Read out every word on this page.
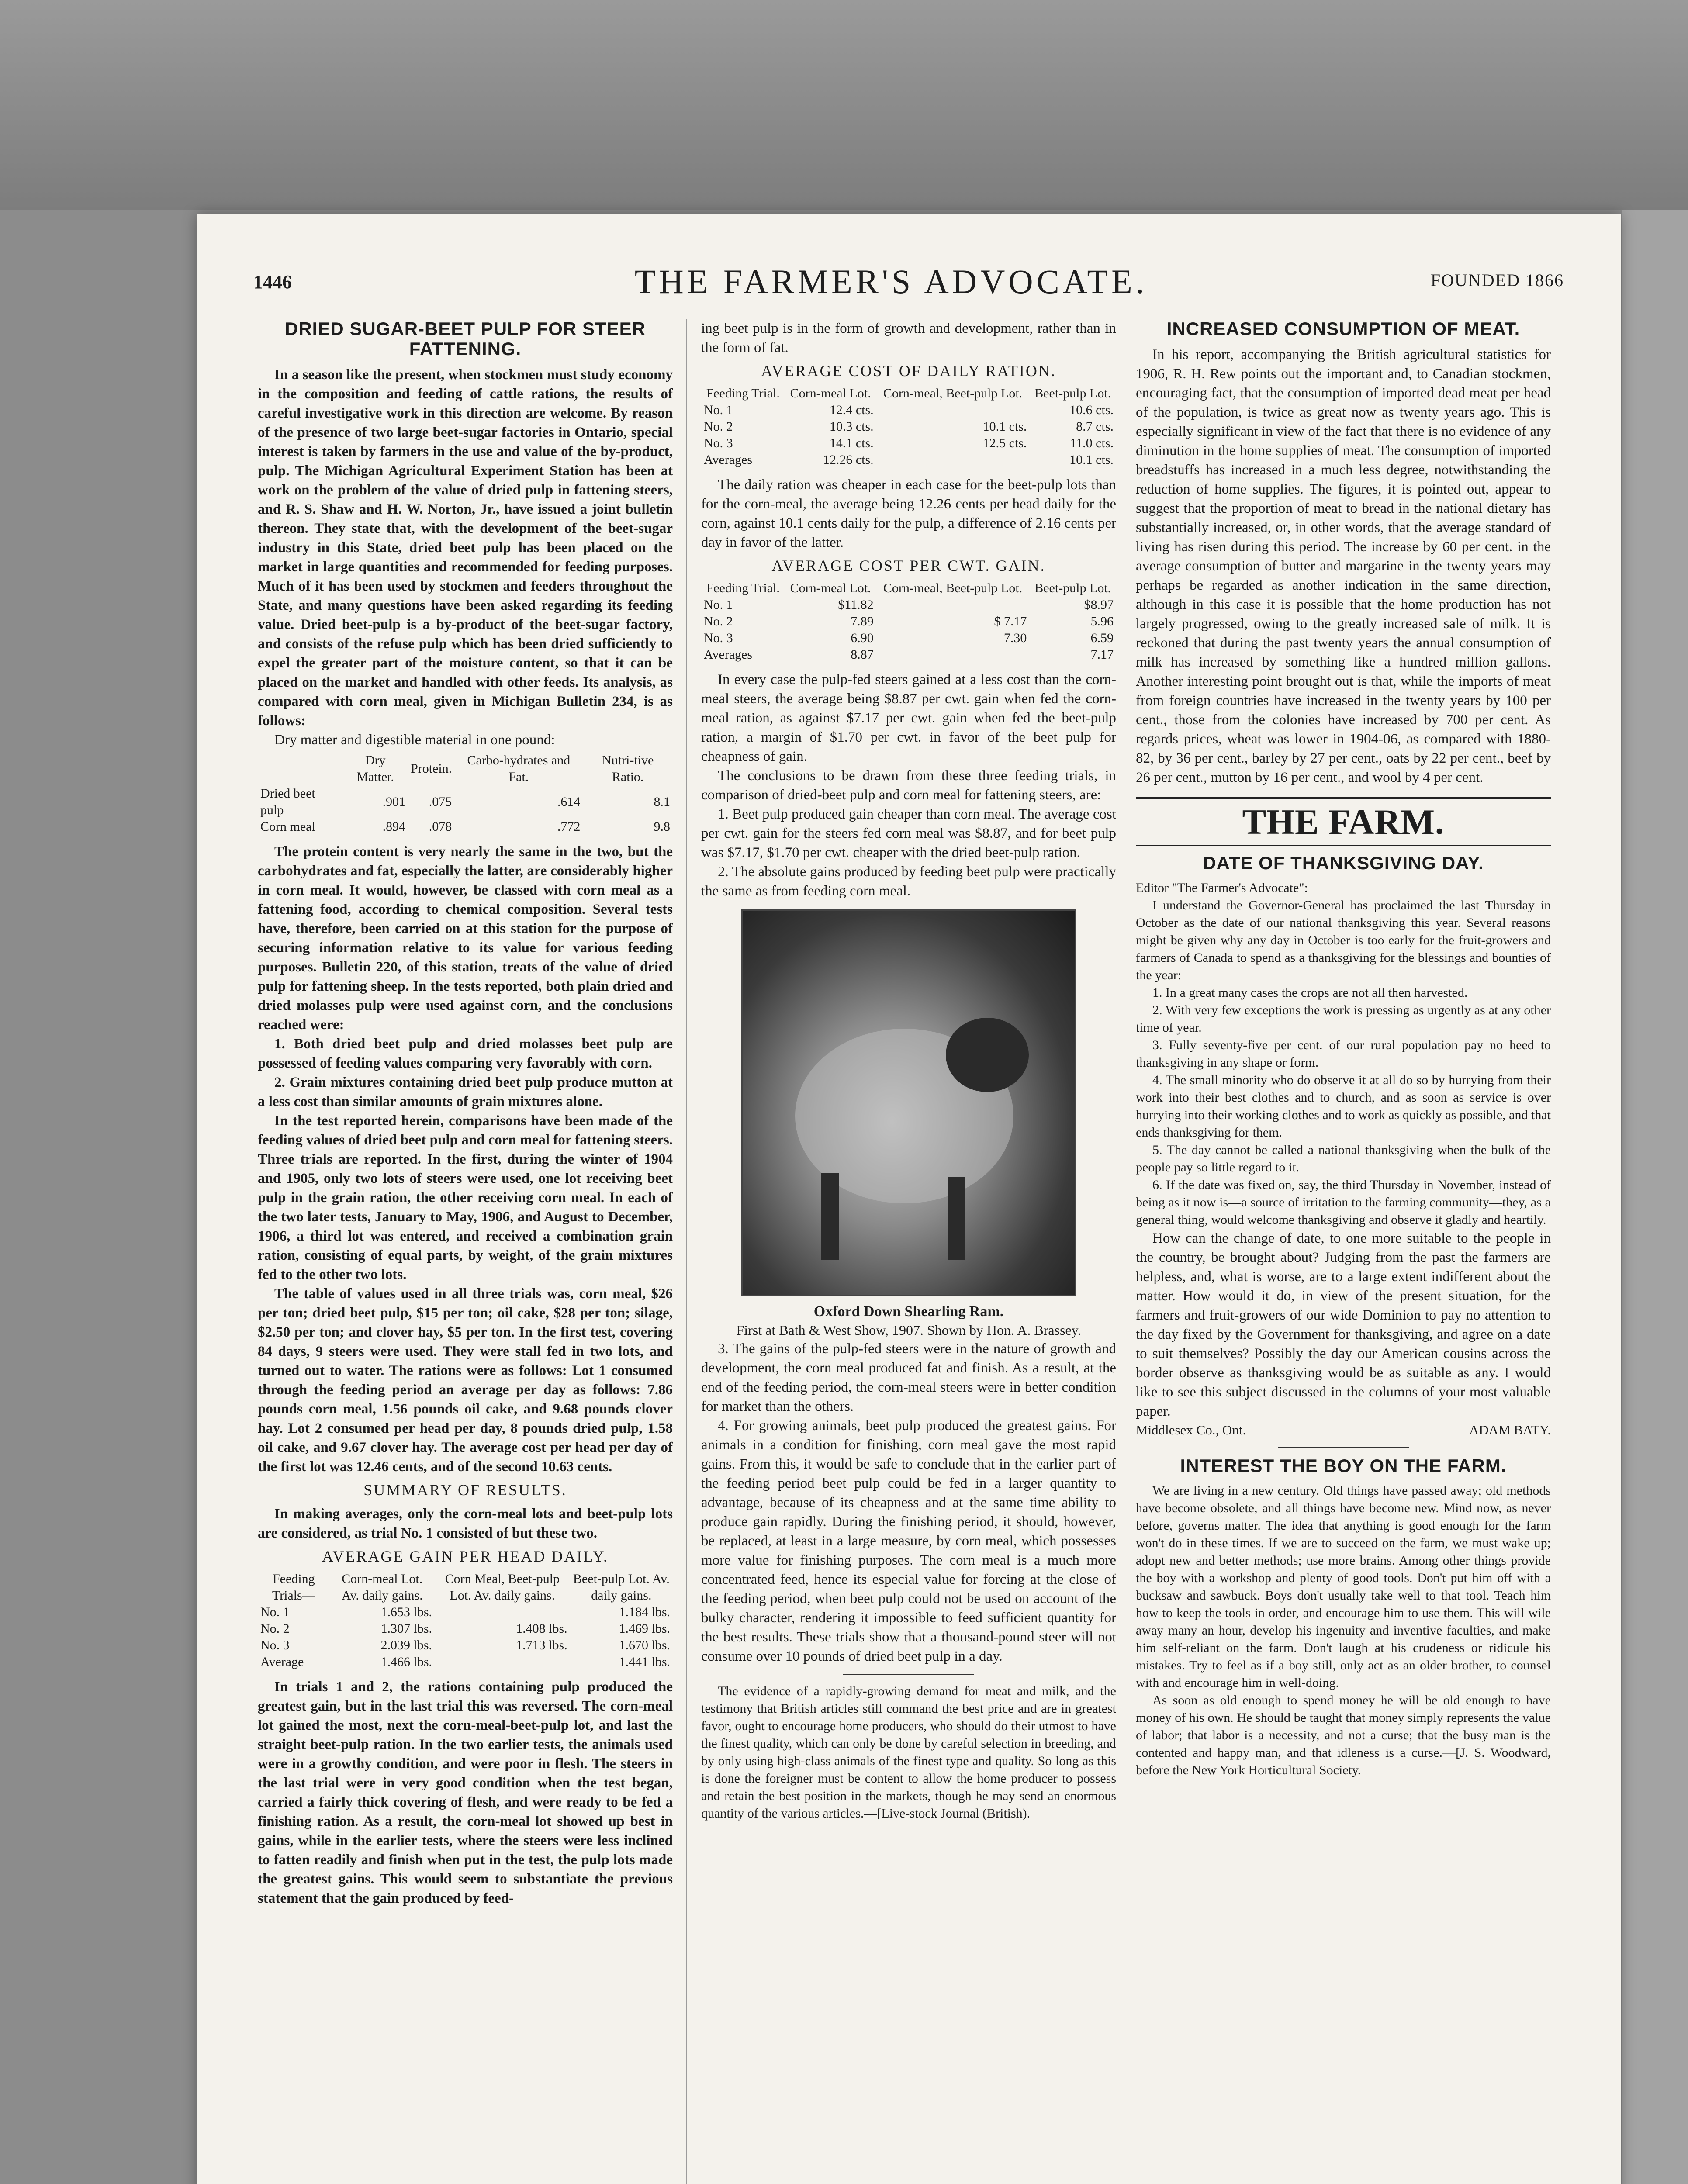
1446	THE FARMER'S ADVOCATE.	FOUNDED 1866
DRIED SUGAR-BEET PULP FOR STEER FATTENING.

In a season like the present, when stockmen must study economy in the composition and feeding of cattle rations, the results of careful investigative work in this direction are welcome. By reason of the presence of two large beet-sugar factories in Ontario, special interest is taken by farmers in the use and value of the by-product, pulp. The Michigan Agricultural Experiment Station has been at work on the problem of the value of dried pulp in fattening steers, and R. S. Shaw and H. W. Norton, Jr., have issued a joint bulletin thereon. They state that, with the development of the beet-sugar industry in this State, dried beet pulp has been placed on the market in large quantities and recommended for feeding purposes. Much of it has been used by stockmen and feeders throughout the State, and many questions have been asked regarding its feeding value. Dried beet-pulp is a by-product of the beet-sugar factory, and consists of the refuse pulp which has been dried sufficiently to expel the greater part of the moisture content, so that it can be placed on the market and handled with other feeds. Its analysis, as compared with corn meal, given in Michigan Bulletin 234, is as follows:

Dry matter and digestible material in one pound:

	Dry Matter.	Protein.	Carbo-hydrates and Fat.	Nutri-tive Ratio.
Dried beet pulp	.901	.075	.614	8.1
Corn meal	.894	.078	.772	9.8

The protein content is very nearly the same in the two, but the carbohydrates and fat, especially the latter, are considerably higher in corn meal. It would, however, be classed with corn meal as a fattening food, according to chemical composition. Several tests have, therefore, been carried on at this station for the purpose of securing information relative to its value for various feeding purposes. Bulletin 220, of this station, treats of the value of dried pulp for fattening sheep. In the tests reported, both plain dried and dried molasses pulp were used against corn, and the conclusions reached were:

1. Both dried beet pulp and dried molasses beet pulp are possessed of feeding values comparing very favorably with corn.

2. Grain mixtures containing dried beet pulp produce mutton at a less cost than similar amounts of grain mixtures alone.

In the test reported herein, comparisons have been made of the feeding values of dried beet pulp and corn meal for fattening steers. Three trials are reported. In the first, during the winter of 1904 and 1905, only two lots of steers were used, one lot receiving beet pulp in the grain ration, the other receiving corn meal. In each of the two later tests, January to May, 1906, and August to December, 1906, a third lot was entered, and received a combination grain ration, consisting of equal parts, by weight, of the grain mixtures fed to the other two lots.

The table of values used in all three trials was, corn meal, $26 per ton; dried beet pulp, $15 per ton; oil cake, $28 per ton; silage, $2.50 per ton; and clover hay, $5 per ton. In the first test, covering 84 days, 9 steers were used. They were stall fed in two lots, and turned out to water. The rations were as follows: Lot 1 consumed through the feeding period an average per day as follows: 7.86 pounds corn meal, 1.56 pounds oil cake, and 9.68 pounds clover hay. Lot 2 consumed per head per day, 8 pounds dried pulp, 1.58 oil cake, and 9.67 clover hay. The average cost per head per day of the first lot was 12.46 cents, and of the second 10.63 cents.

SUMMARY OF RESULTS.

In making averages, only the corn-meal lots and beet-pulp lots are considered, as trial No. 1 consisted of but these two.

AVERAGE GAIN PER HEAD DAILY.
Feeding Trials—	Corn-meal Lot. Av. daily gains.	Corn Meal, Beet-pulp Lot. Av. daily gains.	Beet-pulp Lot. Av. daily gains.
No. 1	1.653 lbs.		1.184 lbs.
No. 2	1.307 lbs.	1.408 lbs.	1.469 lbs.
No. 3	2.039 lbs.	1.713 lbs.	1.670 lbs.
Average	1.466 lbs.		1.441 lbs.

In trials 1 and 2, the rations containing pulp produced the greatest gain, but in the last trial this was reversed. The corn-meal lot gained the most, next the corn-meal-beet-pulp lot, and last the straight beet-pulp ration. In the two earlier tests, the animals used were in a growthy condition, and were poor in flesh. The steers in the last trial were in very good condition when the test began, carried a fairly thick covering of flesh, and were ready to be fed a finishing ration. As a result, the corn-meal lot showed up best in gains, while in the earlier tests, where the steers were less inclined to fatten readily and finish when put in the test, the pulp lots made the greatest gains. This would seem to substantiate the previous statement that the gain produced by feed-

ing beet pulp is in the form of growth and development, rather than in the form of fat.

AVERAGE COST OF DAILY RATION.
Feeding Trial.	Corn-meal Lot.	Corn-meal, Beet-pulp Lot.	Beet-pulp Lot.
No. 1	12.4 cts.		10.6 cts.
No. 2	10.3 cts.	10.1 cts.	8.7 cts.
No. 3	14.1 cts.	12.5 cts.	11.0 cts.
Averages	12.26 cts.		10.1 cts.

The daily ration was cheaper in each case for the beet-pulp lots than for the corn-meal, the average being 12.26 cents per head daily for the corn, against 10.1 cents daily for the pulp, a difference of 2.16 cents per day in favor of the latter.

AVERAGE COST PER CWT. GAIN.
Feeding Trial.	Corn-meal Lot.	Corn-meal, Beet-pulp Lot.	Beet-pulp Lot.
No. 1	$11.82		$8.97
No. 2	7.89	$ 7.17	5.96
No. 3	6.90	7.30	6.59
Averages	8.87		7.17

In every case the pulp-fed steers gained at a less cost than the corn-meal steers, the average being $8.87 per cwt. gain when fed the corn-meal ration, as against $7.17 per cwt. gain when fed the beet-pulp ration, a margin of $1.70 per cwt. in favor of the beet pulp for cheapness of gain.

The conclusions to be drawn from these three feeding trials, in comparison of dried-beet pulp and corn meal for fattening steers, are:

1. Beet pulp produced gain cheaper than corn meal. The average cost per cwt. gain for the steers fed corn meal was $8.87, and for beet pulp was $7.17, $1.70 per cwt. cheaper with the dried beet-pulp ration.

2. The absolute gains produced by feeding beet pulp were practically the same as from feeding corn meal.

Oxford Down Shearling Ram.
First at Bath & West Show, 1907. Shown by Hon. A. Brassey.

3. The gains of the pulp-fed steers were in the nature of growth and development, the corn meal produced fat and finish. As a result, at the end of the feeding period, the corn-meal steers were in better condition for market than the others.

4. For growing animals, beet pulp produced the greatest gains. For animals in a condition for finishing, corn meal gave the most rapid gains. From this, it would be safe to conclude that in the earlier part of the feeding period beet pulp could be fed in a larger quantity to advantage, because of its cheapness and at the same time ability to produce gain rapidly. During the finishing period, it should, however, be replaced, at least in a large measure, by corn meal, which possesses more value for finishing purposes. The corn meal is a much more concentrated feed, hence its especial value for forcing at the close of the feeding period, when beet pulp could not be used on account of the bulky character, rendering it impossible to feed sufficient quantity for the best results. These trials show that a thousand-pound steer will not consume over 10 pounds of dried beet pulp in a day.

The evidence of a rapidly-growing demand for meat and milk, and the testimony that British articles still command the best price and are in greatest favor, ought to encourage home producers, who should do their utmost to have the finest quality, which can only be done by careful selection in breeding, and by only using high-class animals of the finest type and quality. So long as this is done the foreigner must be content to allow the home producer to possess and retain the best position in the markets, though he may send an enormous quantity of the various articles.—[Live-stock Journal (British).

INCREASED CONSUMPTION OF MEAT.

In his report, accompanying the British agricultural statistics for 1906, R. H. Rew points out the important and, to Canadian stockmen, encouraging fact, that the consumption of imported dead meat per head of the population, is twice as great now as twenty years ago. This is especially significant in view of the fact that there is no evidence of any diminution in the home supplies of meat. The consumption of imported breadstuffs has increased in a much less degree, notwithstanding the reduction of home supplies. The figures, it is pointed out, appear to suggest that the proportion of meat to bread in the national dietary has substantially increased, or, in other words, that the average standard of living has risen during this period. The increase by 60 per cent. in the average consumption of butter and margarine in the twenty years may perhaps be regarded as another indication in the same direction, although in this case it is possible that the home production has not largely progressed, owing to the greatly increased sale of milk. It is reckoned that during the past twenty years the annual consumption of milk has increased by something like a hundred million gallons. Another interesting point brought out is that, while the imports of meat from foreign countries have increased in the twenty years by 100 per cent., those from the colonies have increased by 700 per cent. As regards prices, wheat was lower in 1904-06, as compared with 1880-82, by 36 per cent., barley by 27 per cent., oats by 22 per cent., beef by 26 per cent., mutton by 16 per cent., and wool by 4 per cent.

THE FARM.
DATE OF THANKSGIVING DAY.

Editor "The Farmer's Advocate":

I understand the Governor-General has proclaimed the last Thursday in October as the date of our national thanksgiving this year. Several reasons might be given why any day in October is too early for the fruit-growers and farmers of Canada to spend as a thanksgiving for the blessings and bounties of the year:

1. In a great many cases the crops are not all then harvested.

2. With very few exceptions the work is pressing as urgently as at any other time of year.

3. Fully seventy-five per cent. of our rural population pay no heed to thanksgiving in any shape or form.

4. The small minority who do observe it at all do so by hurrying from their work into their best clothes and to church, and as soon as service is over hurrying into their working clothes and to work as quickly as possible, and that ends thanksgiving for them.

5. The day cannot be called a national thanksgiving when the bulk of the people pay so little regard to it.

6. If the date was fixed on, say, the third Thursday in November, instead of being as it now is—a source of irritation to the farming community—they, as a general thing, would welcome thanksgiving and observe it gladly and heartily.

How can the change of date, to one more suitable to the people in the country, be brought about? Judging from the past the farmers are helpless, and, what is worse, are to a large extent indifferent about the matter. How would it do, in view of the present situation, for the farmers and fruit-growers of our wide Dominion to pay no attention to the day fixed by the Government for thanksgiving, and agree on a date to suit themselves? Possibly the day our American cousins across the border observe as thanksgiving would be as suitable as any. I would like to see this subject discussed in the columns of your most valuable paper.

Middlesex Co., Ont.	ADAM BATY.
INTEREST THE BOY ON THE FARM.

We are living in a new century. Old things have passed away; old methods have become obsolete, and all things have become new. Mind now, as never before, governs matter. The idea that anything is good enough for the farm won't do in these times. If we are to succeed on the farm, we must wake up; adopt new and better methods; use more brains. Among other things provide the boy with a workshop and plenty of good tools. Don't put him off with a bucksaw and sawbuck. Boys don't usually take well to that tool. Teach him how to keep the tools in order, and encourage him to use them. This will wile away many an hour, develop his ingenuity and inventive faculties, and make him self-reliant on the farm. Don't laugh at his crudeness or ridicule his mistakes. Try to feel as if a boy still, only act as an older brother, to counsel with and encourage him in well-doing.

As soon as old enough to spend money he will be old enough to have money of his own. He should be taught that money simply represents the value of labor; that labor is a necessity, and not a curse; that the busy man is the contented and happy man, and that idleness is a curse.—[J. S. Woodward, before the New York Horticultural Society.
